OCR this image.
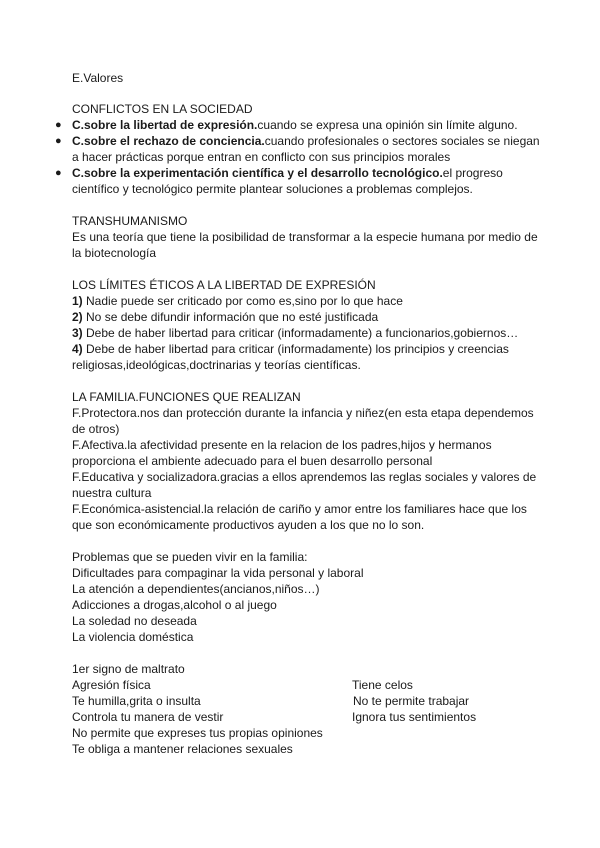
E.Valores
CONFLICTOS EN LA SOCIEDAD
● C.sobre la libertad de expresión.cuando se expresa una opinión sin límite alguno.
● C.sobre el rechazo de conciencia.cuando profesionales o sectores sociales se niegan a hacer prácticas porque entran en conflicto con sus principios morales
● C.sobre la experimentación científica y el desarrollo tecnológico.el progreso científico y tecnológico permite plantear soluciones a problemas complejos.
TRANSHUMANISMO
Es una teoría que tiene la posibilidad de transformar a la especie humana por medio de la biotecnología
LOS LÍMITES ÉTICOS A LA LIBERTAD DE EXPRESIÓN
1) Nadie puede ser criticado por como es,sino por lo que hace
2) No se debe difundir información que no esté justificada
3) Debe de haber libertad para criticar (informadamente) a funcionarios,gobiernos…
4) Debe de haber libertad para criticar (informadamente) los principios y creencias religiosas,ideológicas,doctrinarias y teorías científicas.
LA FAMILIA.FUNCIONES QUE REALIZAN
F.Protectora.nos dan protección durante la infancia y niñez(en esta etapa dependemos de otros)
F.Afectiva.la afectividad presente en la relacion de los padres,hijos y hermanos proporciona el ambiente adecuado para el buen desarrollo personal
F.Educativa y socializadora.gracias a ellos aprendemos las reglas sociales y valores de nuestra cultura
F.Económica-asistencial.la relación de cariño y amor entre los familiares hace que los que son económicamente productivos ayuden a los que no lo son.
Problemas que se pueden vivir en la familia:
Dificultades para compaginar la vida personal y laboral
La atención a dependientes(ancianos,niños…)
Adicciones a drogas,alcohol o al juego
La soledad no deseada
La violencia doméstica
1er signo de maltrato
Agresión física
Te humilla,grita o insulta
Controla tu manera de vestir
No permite que expreses tus propias opiniones
Te obliga a mantener relaciones sexuales
Tiene celos
No te permite trabajar
Ignora tus sentimientos
